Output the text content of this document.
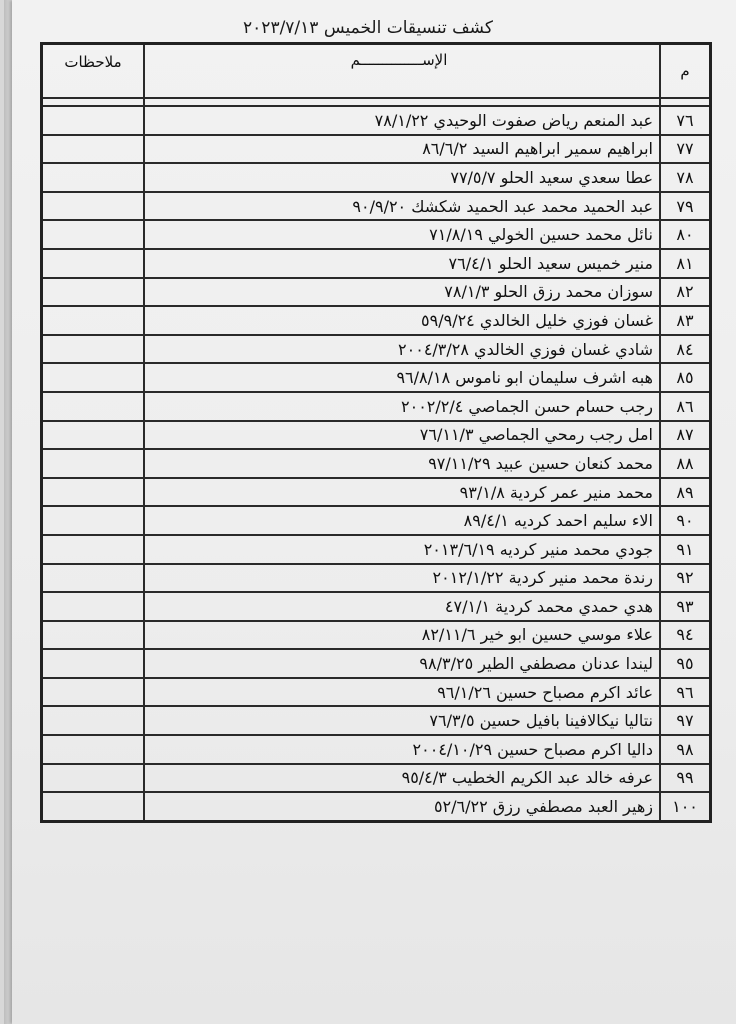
كشف تنسيقات الخميس ٢٠٢٣/٧/١٣
م	الإســــــــــــــم	ملاحظات

٧٦	عبد المنعم رياض صفوت الوحيدي ٧٨/١/٢٢	
٧٧	ابراهيم سمير ابراهيم السيد ٨٦/٦/٢	
٧٨	عطا سعدي سعيد الحلو ٧٧/٥/٧	
٧٩	عبد الحميد محمد عبد الحميد شكشك ٩٠/٩/٢٠	
٨٠	نائل محمد حسين الخولي ٧١/٨/١٩	
٨١	منير خميس سعيد الحلو ٧٦/٤/١	
٨٢	سوزان محمد رزق الحلو ٧٨/١/٣	
٨٣	غسان فوزي خليل الخالدي ٥٩/٩/٢٤	
٨٤	شادي غسان فوزي الخالدي ٢٠٠٤/٣/٢٨	
٨٥	هبه اشرف سليمان ابو ناموس ٩٦/٨/١٨	
٨٦	رجب حسام حسن الجماصي ٢٠٠٢/٢/٤	
٨٧	امل رجب رمحي الجماصي ٧٦/١١/٣	
٨٨	محمد كنعان حسين عبيد ٩٧/١١/٢٩	
٨٩	محمد منير عمر كردية ٩٣/١/٨	
٩٠	الاء سليم احمد كرديه ٨٩/٤/١	
٩١	جودي محمد منير كرديه ٢٠١٣/٦/١٩	
٩٢	رندة محمد منير كردية ٢٠١٢/١/٢٢	
٩٣	هدي حمدي محمد كردية ٤٧/١/١	
٩٤	علاء موسي حسين ابو خير ٨٢/١١/٦	
٩٥	ليندا عدنان مصطفي الطير ٩٨/٣/٢٥	
٩٦	عائد اكرم مصباح حسين ٩٦/١/٢٦	
٩٧	نتاليا نيكالافينا بافيل حسين ٧٦/٣/٥	
٩٨	داليا اكرم مصباح حسين ٢٠٠٤/١٠/٢٩	
٩٩	عرفه خالد عبد الكريم الخطيب ٩٥/٤/٣	
١٠٠	زهير العبد مصطفي رزق ٥٢/٦/٢٢	
